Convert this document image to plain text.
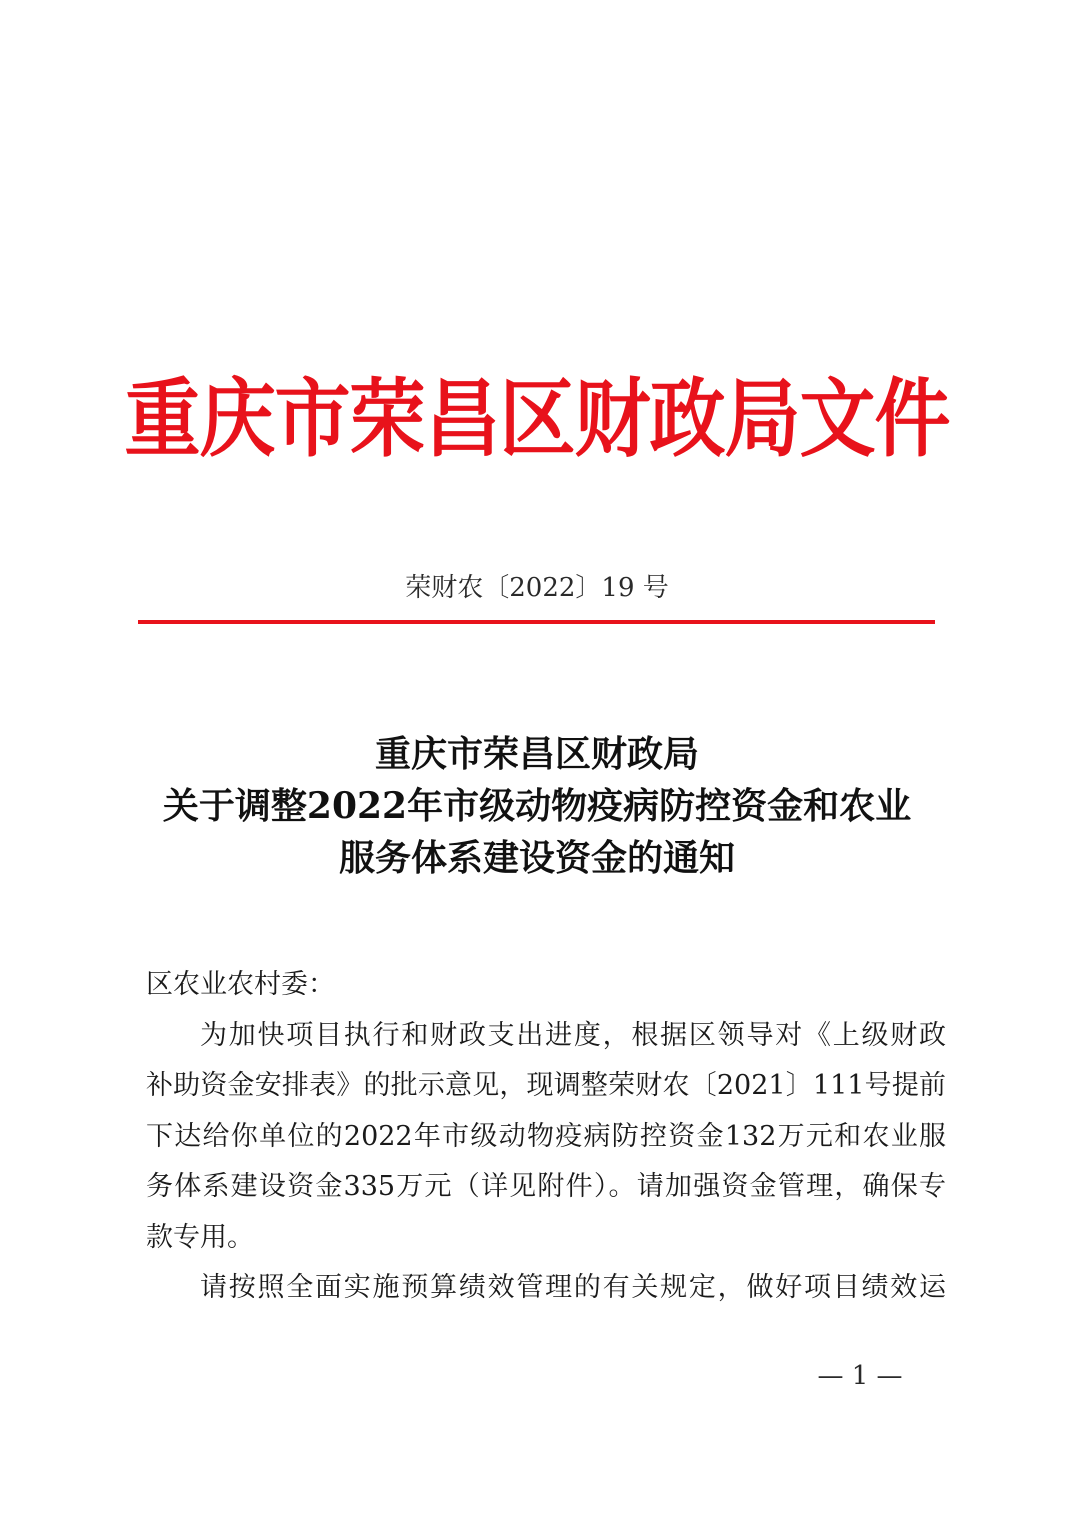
重庆市荣昌区财政局文件
荣财农〔2022〕19 号
重庆市荣昌区财政局
关于调整2022年市级动物疫病防控资金和农业
服务体系建设资金的通知

区农业农村委：

为加快项目执行和财政支出进度，根据区领导对《上级财政
补助资金安排表》的批示意见，现调整荣财农〔2021〕111号提前
下达给你单位的2022年市级动物疫病防控资金132万元和农业服
务体系建设资金335万元（详见附件）。请加强资金管理，确保专
款专用。

请按照全面实施预算绩效管理的有关规定，做好项目绩效运

— 1 —
